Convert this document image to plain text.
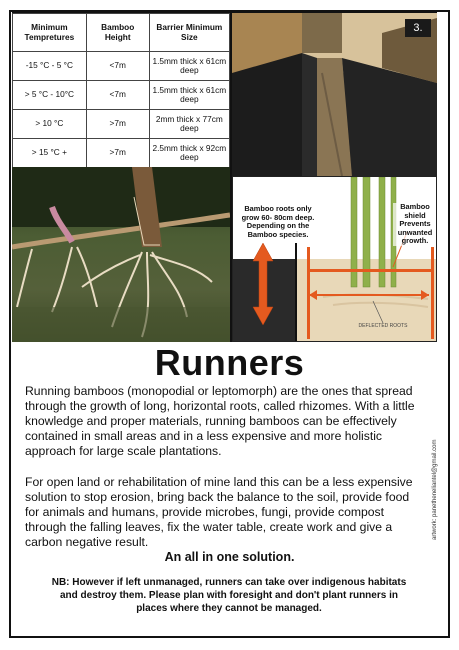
Minimum Tempretures	Bamboo Height	Barrier Minimum Size
-15 °C - 5 °C	<7m	1.5mm thick x 61cm deep
> 5 °C - 10°C	<7m	1.5mm thick x 61cm deep
> 10 °C	>7m	2mm thick x 77cm deep
> 15 °C +	>7m	2.5mm thick x 92cm deep
3.
Bamboo roots only grow 60- 80cm deep. Depending on the Bamboo species.
Bamboo shield Prevents unwanted growth.
DEFLECTED ROOTS
Runners
Running bamboos (monopodial or leptomorph) are the ones that spread through the growth of long, horizontal roots, called rhizomes. With a little knowledge and proper materials, running bamboos can be effectively contained in small areas and in a less expensive and more holistic approach for large scale plantations.
For open land or rehabilitation of mine land this can be a less expensive solution to stop erosion, bring back the balance to the soil, provide food for animals and humans, provide microbes, fungi, provide compost through the falling leaves, fix the water table, create work and give a carbon negative result.
An all in one solution.
NB: However if left unmanaged, runners can take over indigenous habitats and destroy them. Please plan with foresight and don't plant runners in places where they cannot be managed.
artwork: panetheneliantel@gmail.com
